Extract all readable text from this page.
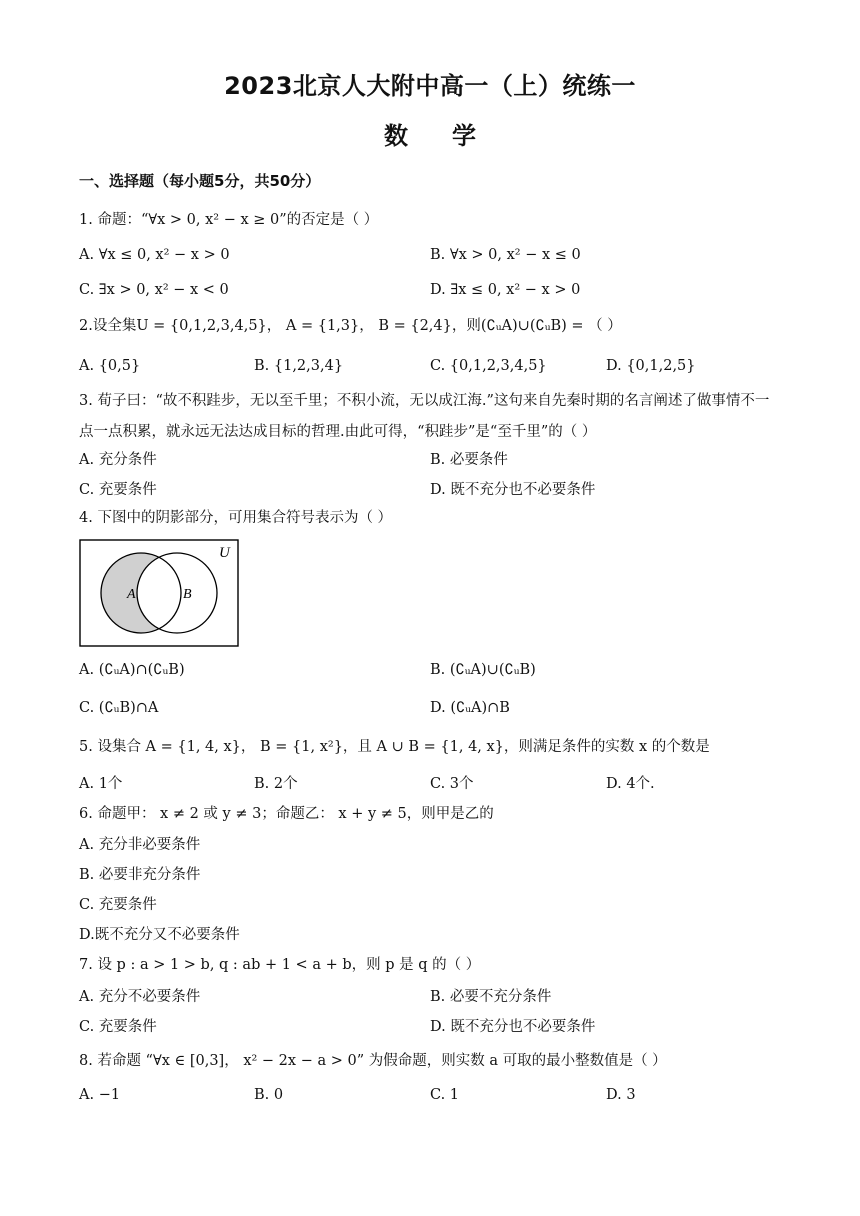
2023北京人大附中高一（上）统练一
数学
一、选择题（每小题5分，共50分）
1. 命题：“∀x > 0, x² − x ≥ 0”的否定是（ ）
A. ∀x ≤ 0, x² − x > 0	B. ∀x > 0, x² − x ≤ 0
C. ∃x > 0, x² − x < 0	D. ∃x ≤ 0, x² − x > 0
2.设全集U = {0,1,2,3,4,5}， A = {1,3}， B = {2,4}，则(∁ᵤA)∪(∁ᵤB) = （ ）
A. {0,5}	B. {1,2,3,4}	C. {0,1,2,3,4,5}	D. {0,1,2,5}
3. 荀子曰：“故不积跬步，无以至千里；不积小流，无以成江海.”这句来自先秦时期的名言阐述了做事情不一点一点积累，就永远无法达成目标的哲理.由此可得，“积跬步”是“至千里”的（ ）
A. 充分条件	B. 必要条件
C. 充要条件	D. 既不充分也不必要条件
4. 下图中的阴影部分，可用集合符号表示为（ ）
U
A	B
A. (∁ᵤA)∩(∁ᵤB)	B. (∁ᵤA)∪(∁ᵤB)
C. (∁ᵤB)∩A	D. (∁ᵤA)∩B
5. 设集合 A = {1, 4, x}， B = {1, x²}，且 A ∪ B = {1, 4, x}，则满足条件的实数 x 的个数是
A. 1个	B. 2个	C. 3个	D. 4个.
6. 命题甲： x ≠ 2 或 y ≠ 3；命题乙： x + y ≠ 5，则甲是乙的
A. 充分非必要条件
B. 必要非充分条件
C. 充要条件
D.既不充分又不必要条件
7. 设 p : a > 1 > b, q : ab + 1 < a + b，则 p 是 q 的（ ）
A. 充分不必要条件	B. 必要不充分条件
C. 充要条件	D. 既不充分也不必要条件
8. 若命题 “∀x ∈ [0,3]， x² − 2x − a > 0” 为假命题，则实数 a 可取的最小整数值是（ ）
A. −1	B. 0	C. 1	D. 3
